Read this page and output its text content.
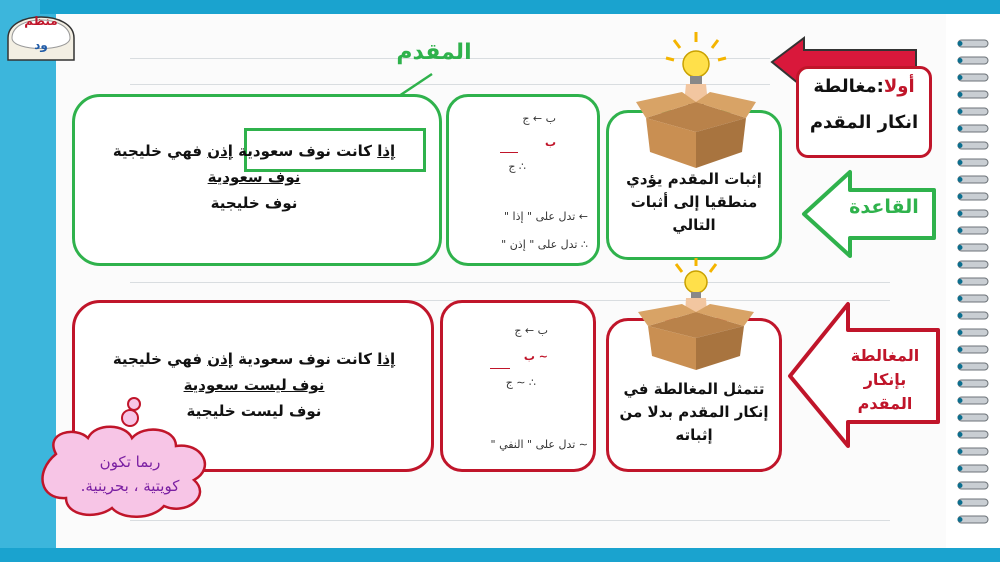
منظم
ود
أولا:مغالطة
انكار المقدم
القاعدة
المغالطة
بإنكار
المقدم
المقدم
إذا كانت نوف سعودية إذن فهي خليجية
نوف سعودية
نوف خليجية
ب ← ج
ب
∴ ج
← تدل على " إذا "
∴ تدل على " إذن "
إثبات المقدم يؤدي
منطقيا إلى أثبات
التالي
إذا كانت نوف سعودية إذن فهي خليجية
نوف ليست سعودية
نوف ليست خليجية
ب ← ج
∽ ب
∴ ∽ ج
∽ تدل على " النفي "
تتمثل المغالطة في
إنكار المقدم بدلا من
إثباته
ربما تكون
كويتية ، بحرينية.
